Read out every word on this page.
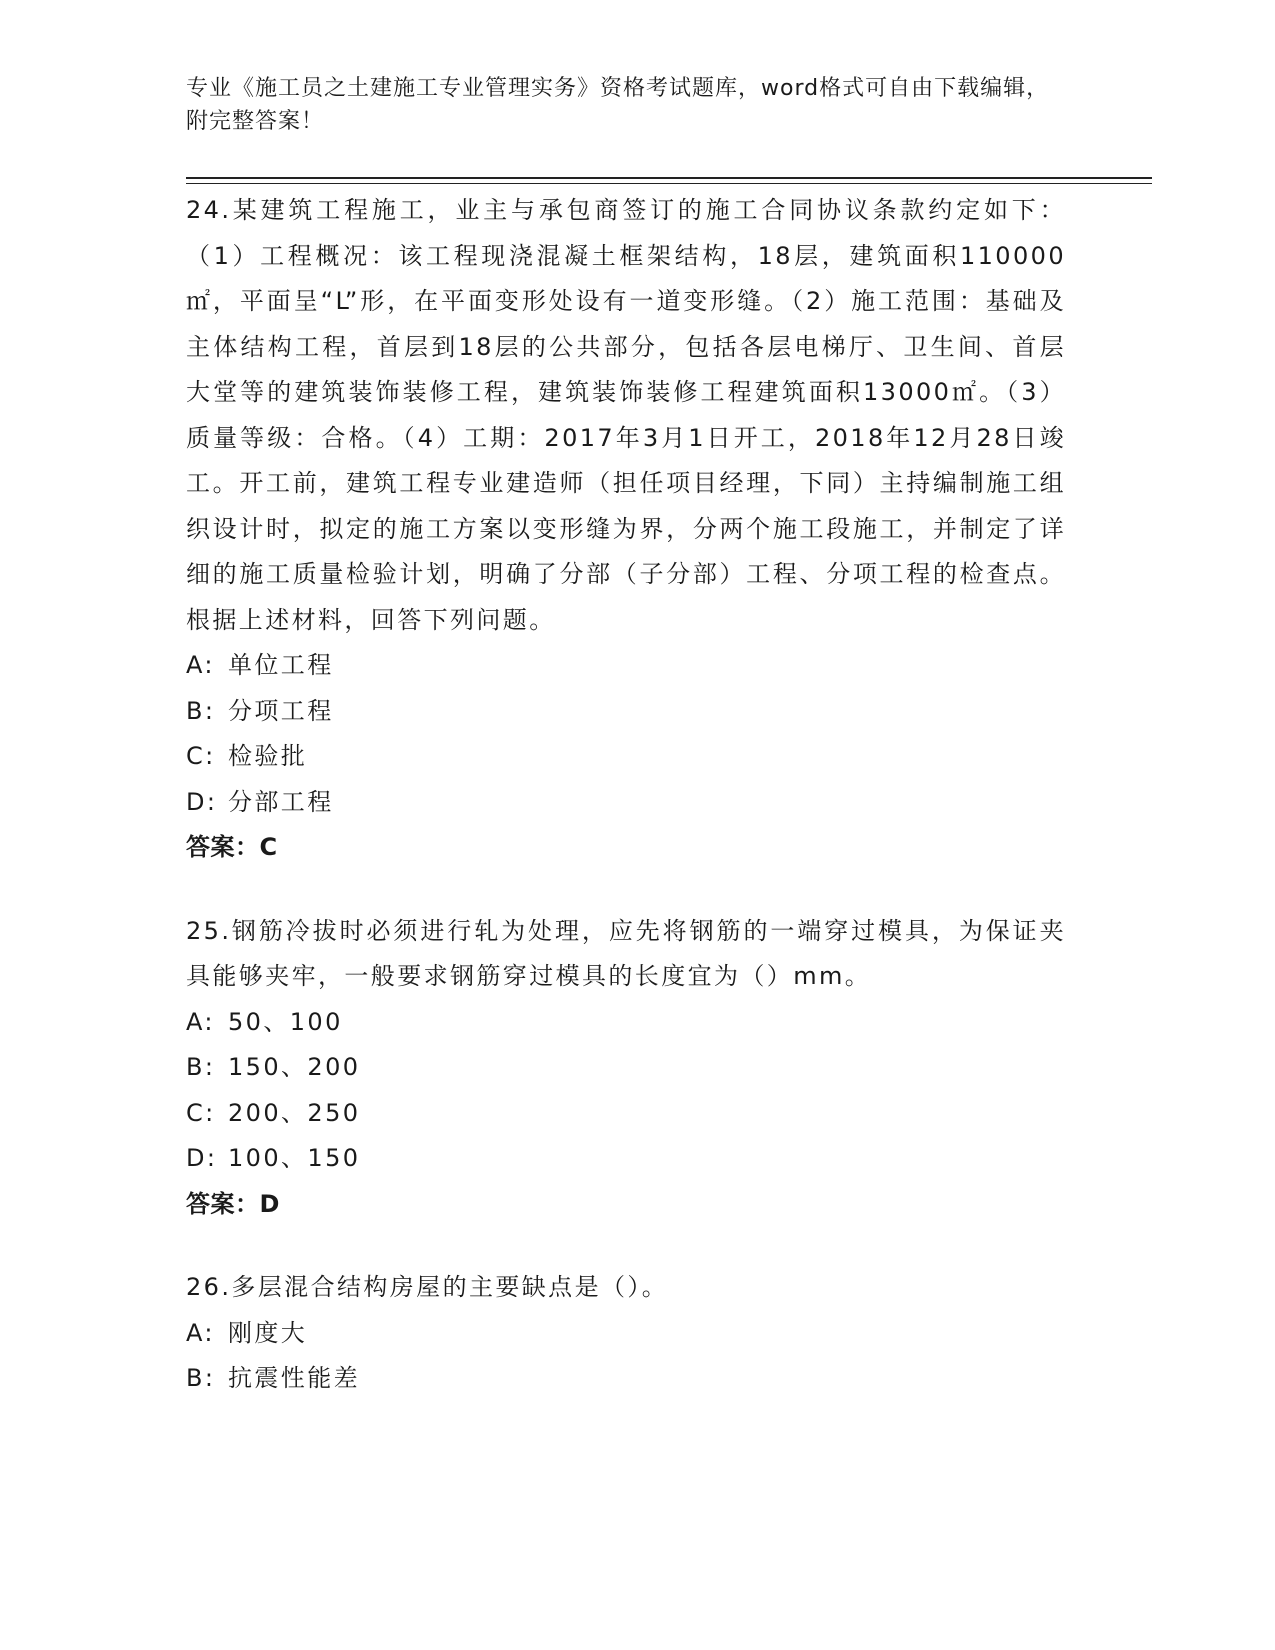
专业《施工员之土建施工专业管理实务》资格考试题库，word格式可自由下载编辑，附完整答案！

24.某建筑工程施工，业主与承包商签订的施工合同协议条款约定如下：（1）工程概况：该工程现浇混凝土框架结构，18层，建筑面积110000㎡，平面呈“L”形，在平面变形处设有一道变形缝。（2）施工范围：基础及主体结构工程，首层到18层的公共部分，包括各层电梯厅、卫生间、首层大堂等的建筑装饰装修工程，建筑装饰装修工程建筑面积13000㎡。（3）质量等级：合格。（4）工期：2017年3月1日开工，2018年12月28日竣工。开工前，建筑工程专业建造师（担任项目经理，下同）主持编制施工组织设计时，拟定的施工方案以变形缝为界，分两个施工段施工，并制定了详细的施工质量检验计划，明确了分部（子分部）工程、分项工程的检查点。根据上述材料，回答下列问题。

A: 单位工程

B: 分项工程

C: 检验批

D: 分部工程

答案：C

25.钢筋冷拔时必须进行轧为处理，应先将钢筋的一端穿过模具，为保证夹具能够夹牢，一般要求钢筋穿过模具的长度宜为（）mm。

A: 50、100

B: 150、200

C: 200、250

D: 100、150

答案：D

26.多层混合结构房屋的主要缺点是（）。

A: 刚度大

B: 抗震性能差
